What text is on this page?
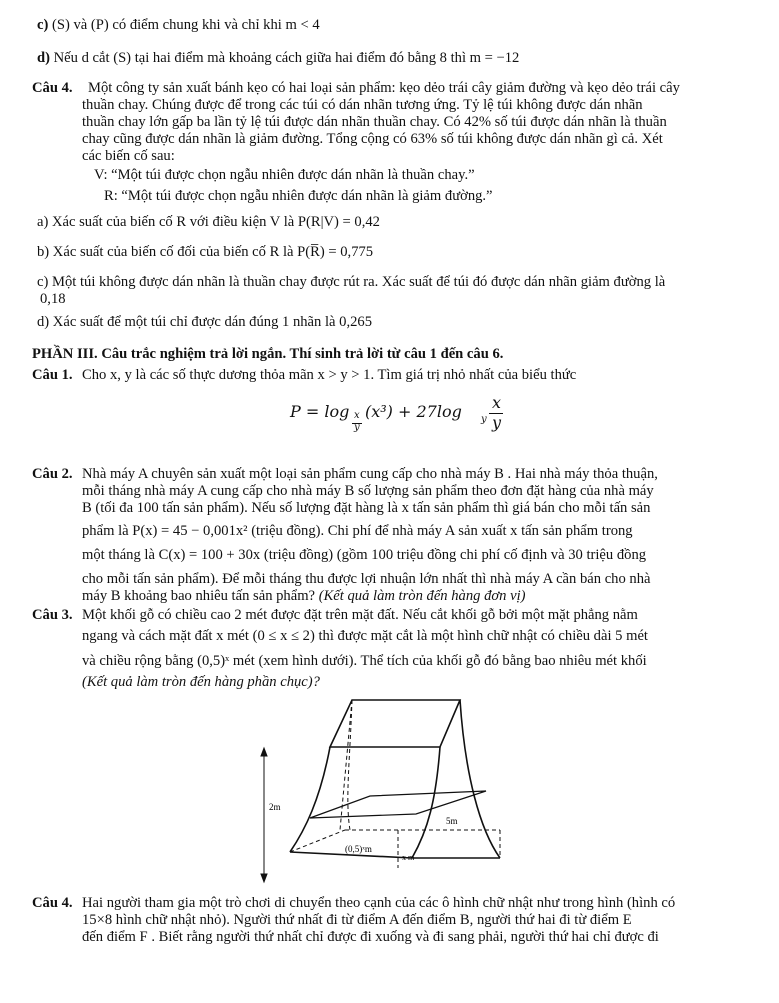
c) (S) và (P) có điểm chung khi và chỉ khi m < 4
d) Nếu d cắt (S) tại hai điểm mà khoảng cách giữa hai điểm đó bằng 8 thì m = −12
Câu 4. Một công ty sản xuất bánh kẹo có hai loại sản phẩm: kẹo dẻo trái cây giảm đường và kẹo dẻo trái cây
thuần chay. Chúng được để trong các túi có dán nhãn tương ứng. Tỷ lệ túi không được dán nhãn
thuần chay lớn gấp ba lần tỷ lệ túi được dán nhãn thuần chay. Có 42% số túi được dán nhãn là thuần
chay cũng được dán nhãn là giảm đường. Tổng cộng có 63% số túi không được dán nhãn gì cả. Xét
các biến cố sau:
V: “Một túi được chọn ngẫu nhiên được dán nhãn là thuần chay.”
R: “Một túi được chọn ngẫu nhiên được dán nhãn là giảm đường.”
a) Xác suất của biến cố R với điều kiện V là P(R|V) = 0,42
b) Xác suất của biến cố đối của biến cố R là P(R̅) = 0,775
c) Một túi không được dán nhãn là thuần chay được rút ra. Xác suất để túi đó được dán nhãn giảm đường là
0,18
d) Xác suất để một túi chỉ được dán đúng 1 nhãn là 0,265
PHẦN III. Câu trắc nghiệm trả lời ngắn. Thí sinh trả lời từ câu 1 đến câu 6.
Câu 1. Cho x, y là các số thực dương thỏa mãn x > y > 1. Tìm giá trị nhỏ nhất của biểu thức
P = log x
y
(x³) + 27log y
x
y
Câu 2. Nhà máy A chuyên sản xuất một loại sản phẩm cung cấp cho nhà máy B . Hai nhà máy thỏa thuận,
mỗi tháng nhà máy A cung cấp cho nhà máy B số lượng sản phẩm theo đơn đặt hàng của nhà máy
B (tối đa 100 tấn sản phẩm). Nếu số lượng đặt hàng là x tấn sản phẩm thì giá bán cho mỗi tấn sản
phẩm là P(x) = 45 − 0,001x² (triệu đồng). Chi phí để nhà máy A sản xuất x tấn sản phẩm trong
một tháng là C(x) = 100 + 30x (triệu đồng) (gồm 100 triệu đồng chi phí cố định và 30 triệu đồng
cho mỗi tấn sản phẩm). Để mỗi tháng thu được lợi nhuận lớn nhất thì nhà máy A cần bán cho nhà
máy B khoảng bao nhiêu tấn sản phẩm? (Kết quả làm tròn đến hàng đơn vị)
Câu 3. Một khối gỗ có chiều cao 2 mét được đặt trên mặt đất. Nếu cắt khối gỗ bởi một mặt phẳng nằm
ngang và cách mặt đất x mét (0 ≤ x ≤ 2) thì được mặt cắt là một hình chữ nhật có chiều dài 5 mét
và chiều rộng bằng (0,5)ˣ mét (xem hình dưới). Thể tích của khối gỗ đó bằng bao nhiêu mét khối
(Kết quả làm tròn đến hàng phần chục)?
2m
5m
(0,5)ˣm
x m
Câu 4. Hai người tham gia một trò chơi di chuyển theo cạnh của các ô hình chữ nhật như trong hình (hình có
15×8 hình chữ nhật nhỏ). Người thứ nhất đi từ điểm A đến điểm B, người thứ hai đi từ điểm E
đến điểm F . Biết rằng người thứ nhất chỉ được đi xuống và đi sang phải, người thứ hai chỉ được đi
